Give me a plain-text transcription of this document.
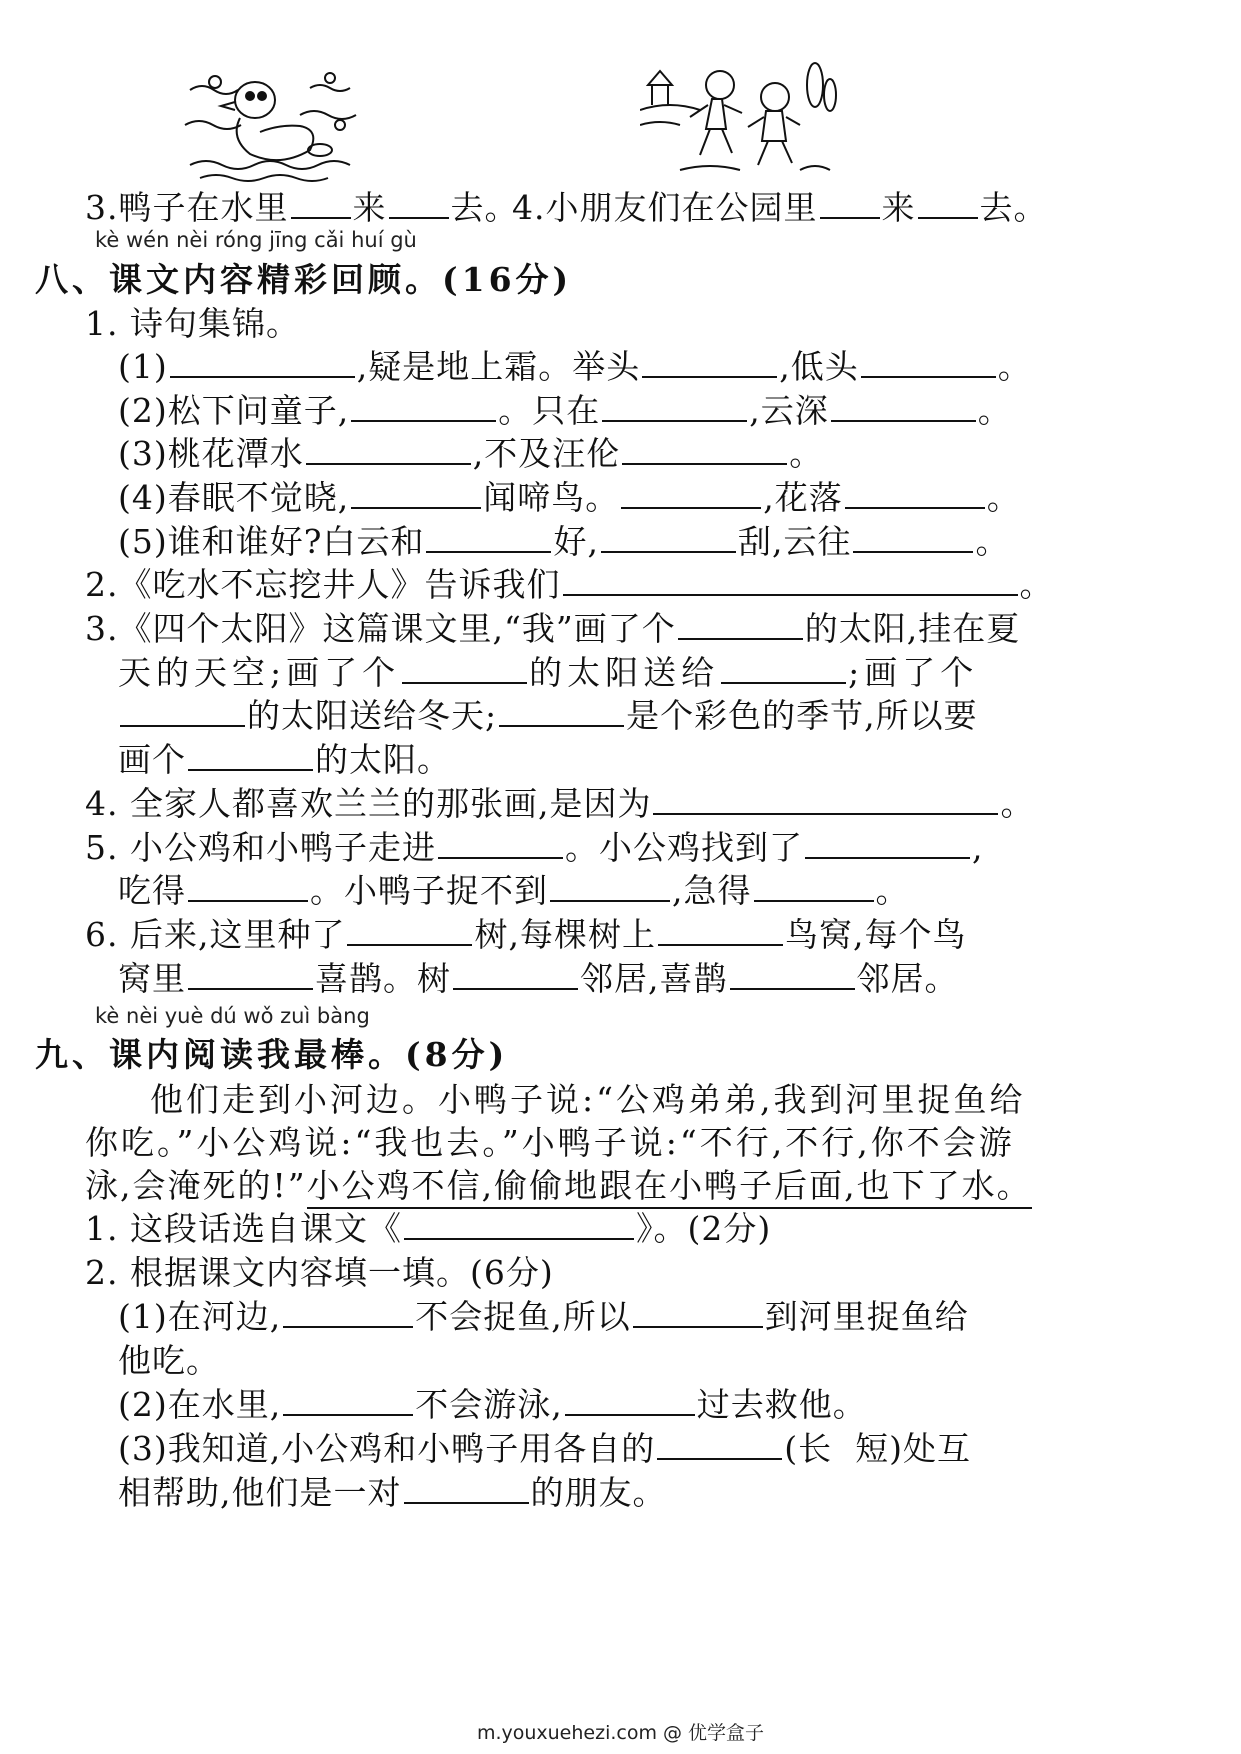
3.鸭子在水里 来 去。
4.小朋友们在公园里 来 去。
kè wén nèi róng jīng cǎi huí gù
八、课文内容精彩回顾。(16分)
1. 诗句集锦。
(1)	,疑是地上霜。举头	,低头	。
(2)松下问童子,	。只在	,云深	。
(3)桃花潭水	,不及汪伦	。
(4)春眠不觉晓,	闻啼鸟。	,花落	。
(5)谁和谁好?白云和	好,	刮,云往	。
2.《吃水不忘挖井人》告诉我们	。
3.《四个太阳》这篇课文里,“我”画了个	的太阳,挂在夏
天的天空;画了个	的太阳送给	;画了个
的太阳送给冬天;	是个彩色的季节,所以要
画个	的太阳。
4. 全家人都喜欢兰兰的那张画,是因为	。
5. 小公鸡和小鸭子走进	。小公鸡找到了	,
吃得	。小鸭子捉不到	,急得	。
6. 后来,这里种了	树,每棵树上	鸟窝,每个鸟
窝里	喜鹊。树	邻居,喜鹊	邻居。
kè nèi yuè dú wǒ zuì bàng
九、课内阅读我最棒。(8分)
他们走到小河边。小鸭子说:“公鸡弟弟,我到河里捉鱼给
你吃。”小公鸡说:“我也去。”小鸭子说:“不行,不行,你不会游
泳,会淹死的!”小公鸡不信,偷偷地跟在小鸭子后面,也下了水。
1. 这段话选自课文《	》。(2分)
2. 根据课文内容填一填。(6分)
(1)在河边,	不会捉鱼,所以	到河里捉鱼给
他吃。
(2)在水里,	不会游泳,	过去救他。
(3)我知道,小公鸡和小鸭子用各自的	(长  短)处互
相帮助,他们是一对	的朋友。
m.youxuehezi.com @ 优学盒子
